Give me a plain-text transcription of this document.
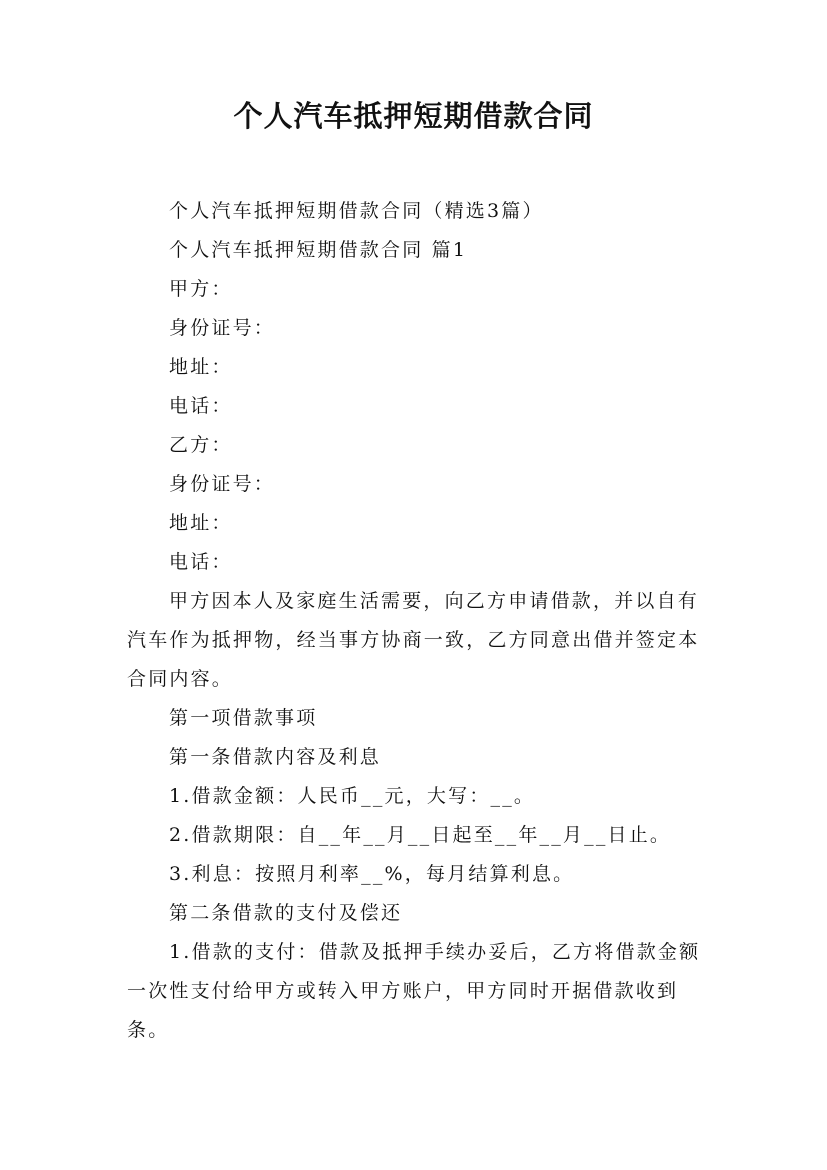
个人汽车抵押短期借款合同

个人汽车抵押短期借款合同（精选3篇）

个人汽车抵押短期借款合同 篇1

甲方：

身份证号：

地址：

电话：

乙方：

身份证号：

地址：

电话：

甲方因本人及家庭生活需要，向乙方申请借款，并以自有汽车作为抵押物，经当事方协商一致，乙方同意出借并签定本合同内容。

第一项借款事项

第一条借款内容及利息

1.借款金额：人民币__元，大写：__。

2.借款期限：自__年__月__日起至__年__月__日止。

3.利息：按照月利率__%，每月结算利息。

第二条借款的支付及偿还

1.借款的支付：借款及抵押手续办妥后，乙方将借款金额一次性支付给甲方或转入甲方账户，甲方同时开据借款收到条。
